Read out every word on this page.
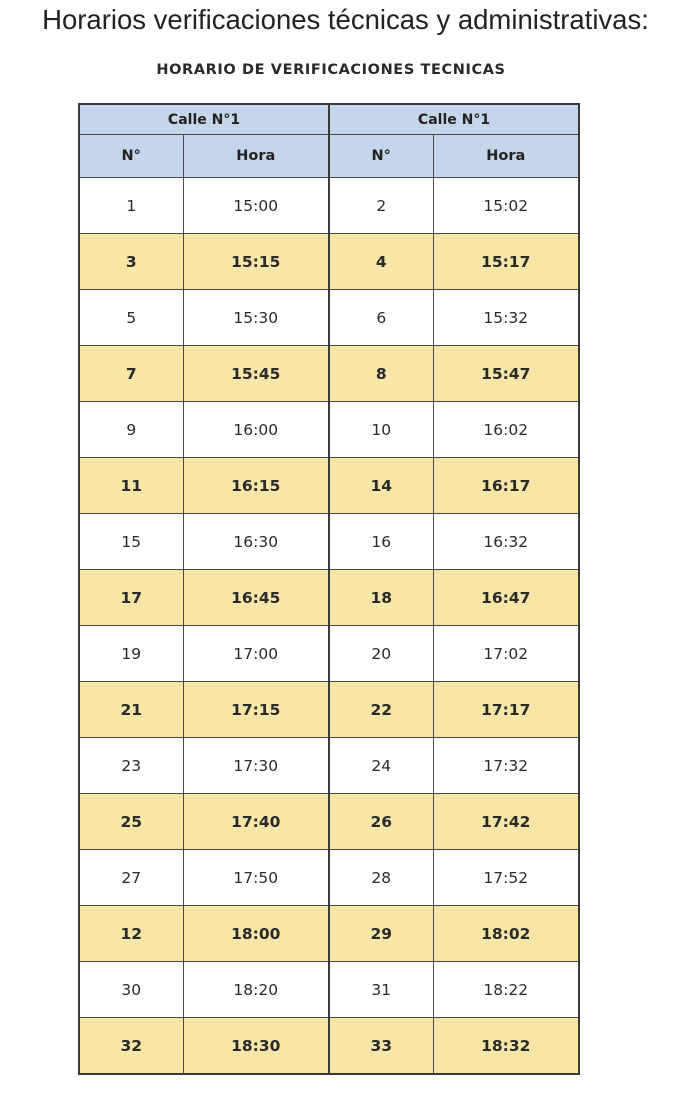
Horarios verificaciones técnicas y administrativas:
HORARIO DE VERIFICACIONES TECNICAS
Calle N°1		Calle N°1	
N°	Hora	N°	Hora
1	15:00	2	15:02
3	15:15	4	15:17
5	15:30	6	15:32
7	15:45	8	15:47
9	16:00	10	16:02
11	16:15	14	16:17
15	16:30	16	16:32
17	16:45	18	16:47
19	17:00	20	17:02
21	17:15	22	17:17
23	17:30	24	17:32
25	17:40	26	17:42
27	17:50	28	17:52
12	18:00	29	18:02
30	18:20	31	18:22
32	18:30	33	18:32
